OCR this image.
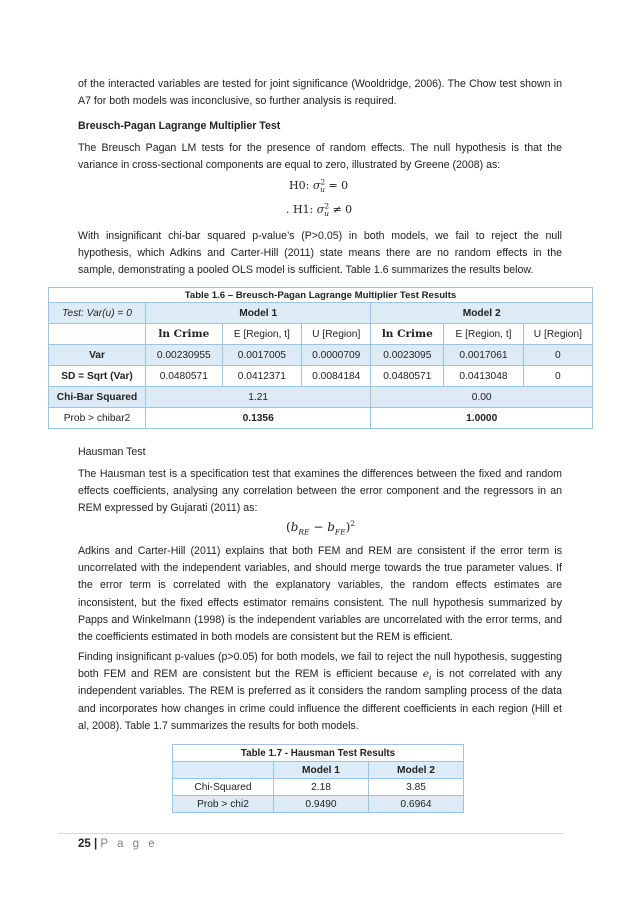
of the interacted variables are tested for joint significance (Wooldridge, 2006). The Chow test shown in A7 for both models was inconclusive, so further analysis is required.

Breusch-Pagan Lagrange Multiplier Test

The Breusch Pagan LM tests for the presence of random effects. The null hypothesis is that the variance in cross-sectional components are equal to zero, illustrated by Greene (2008) as:

H0: $\sigma^2_u = 0$
. H1: $\sigma^2_u \ne 0$

With insignificant chi-bar squared p-value’s (P>0.05) in both models, we fail to reject the null hypothesis, which Adkins and Carter-Hill (2011) state means there are no random effects in the sample, demonstrating a pooled OLS model is sufficient. Table 1.6 summarizes the results below.

Table 1.6 – Breusch-Pagan Lagrange Multiplier Test Results						
Test: Var(u) = 0	Model 1			Model 2		
	ln Crime	E [Region, t]	U [Region]	ln Crime	E [Region, t]	U [Region]
Var	0.00230955	0.0017005	0.0000709	0.0023095	0.0017061	0
SD = Sqrt (Var)	0.0480571	0.0412371	0.0084184	0.0480571	0.0413048	0
Chi-Bar Squared	1.21			0.00		
Prob > chibar2	0.1356			1.0000		

Hausman Test

The Hausman test is a specification test that examines the differences between the fixed and random effects coefficients, analysing any correlation between the error component and the regressors in an REM expressed by Gujarati (2011) as:

$(b_{RE} - b_{FE})^2$

Adkins and Carter-Hill (2011) explains that both FEM and REM are consistent if the error term is uncorrelated with the independent variables, and should merge towards the true parameter values. If the error term is correlated with the explanatory variables, the random effects estimates are inconsistent, but the fixed effects estimator remains consistent. The null hypothesis summarized by Papps and Winkelmann (1998) is the independent variables are uncorrelated with the error terms, and the coefficients estimated in both models are consistent but the REM is efficient.

Finding insignificant p-values (p>0.05) for both models, we fail to reject the null hypothesis, suggesting both FEM and REM are consistent but the REM is efficient because $e_i$ is not correlated with any independent variables. The REM is preferred as it considers the random sampling process of the data and incorporates how changes in crime could influence the different coefficients in each region (Hill et al, 2008). Table 1.7 summarizes the results for both models.

Table 1.7 - Hausman Test Results		
	Model 1	Model 2
Chi-Squared	2.18	3.85
Prob > chi2	0.9490	0.6964
25 | P a g e
